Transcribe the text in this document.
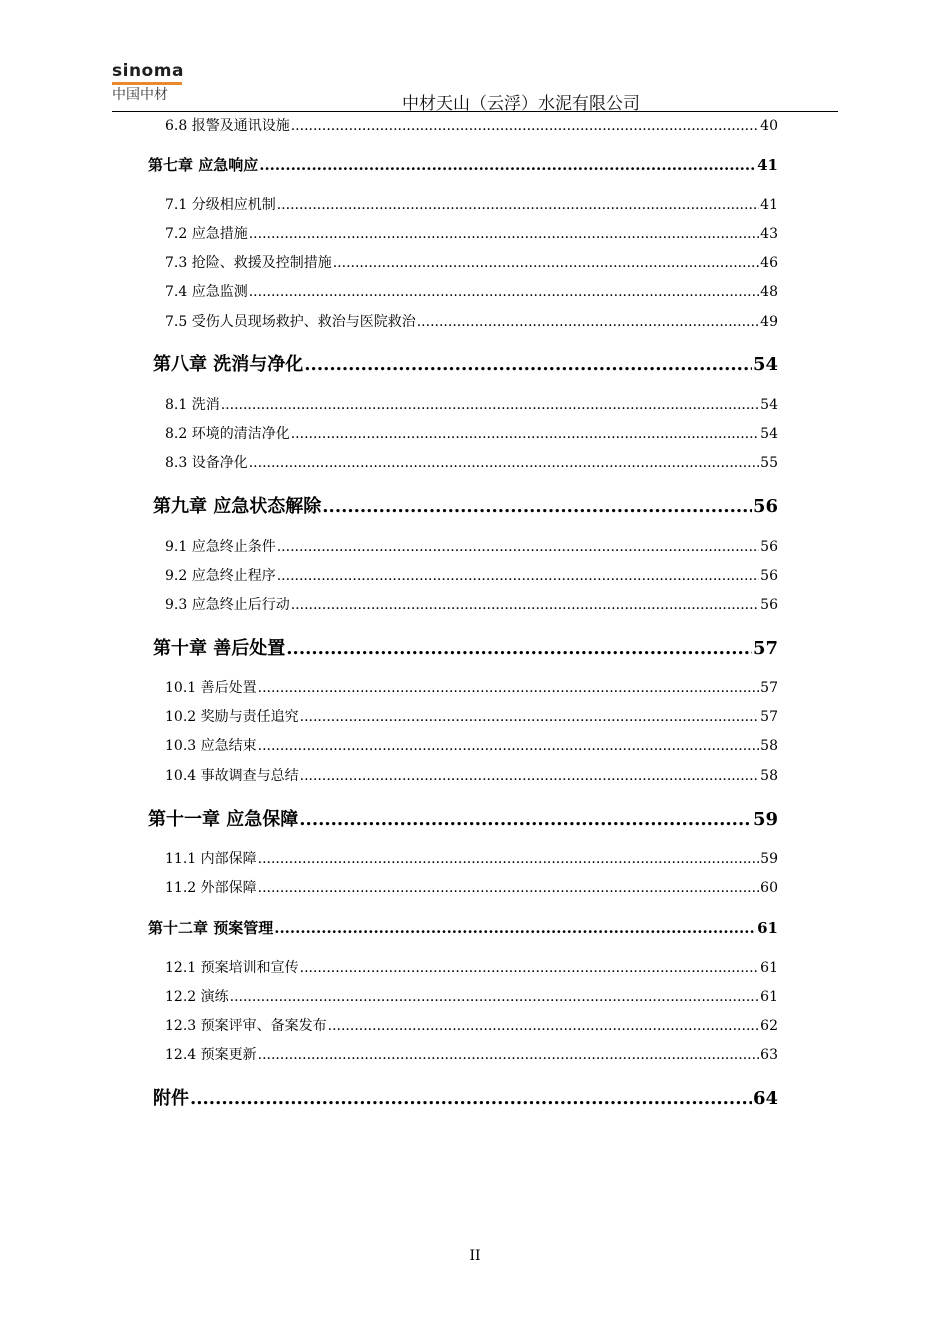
sinoma
中国中材	中材天山（云浮）水泥有限公司
6.8 报警及通讯设施 .....	40
第七章 应急响应 .....	41
7.1 分级相应机制 .....	41
7.2 应急措施 .....	43
7.3 抢险、救援及控制措施 .....	46
7.4 应急监测 .....	48
7.5 受伤人员现场救护、救治与医院救治 .....	49
第八章 洗消与净化 .....	54
8.1 洗消 .....	54
8.2 环境的清洁净化 .....	54
8.3 设备净化 .....	55
第九章 应急状态解除 .....	56
9.1 应急终止条件 .....	56
9.2 应急终止程序 .....	56
9.3 应急终止后行动 .....	56
第十章 善后处置 .....	57
10.1 善后处置 .....	57
10.2 奖励与责任追究 .....	57
10.3 应急结束 .....	58
10.4 事故调查与总结 .....	58
第十一章 应急保障 .....	59
11.1 内部保障 .....	59
11.2 外部保障 .....	60
第十二章 预案管理 .....	61
12.1 预案培训和宣传 .....	61
12.2 演练 .....	61
12.3 预案评审、备案发布 .....	62
12.4 预案更新 .....	63
附件 .....	64
II
